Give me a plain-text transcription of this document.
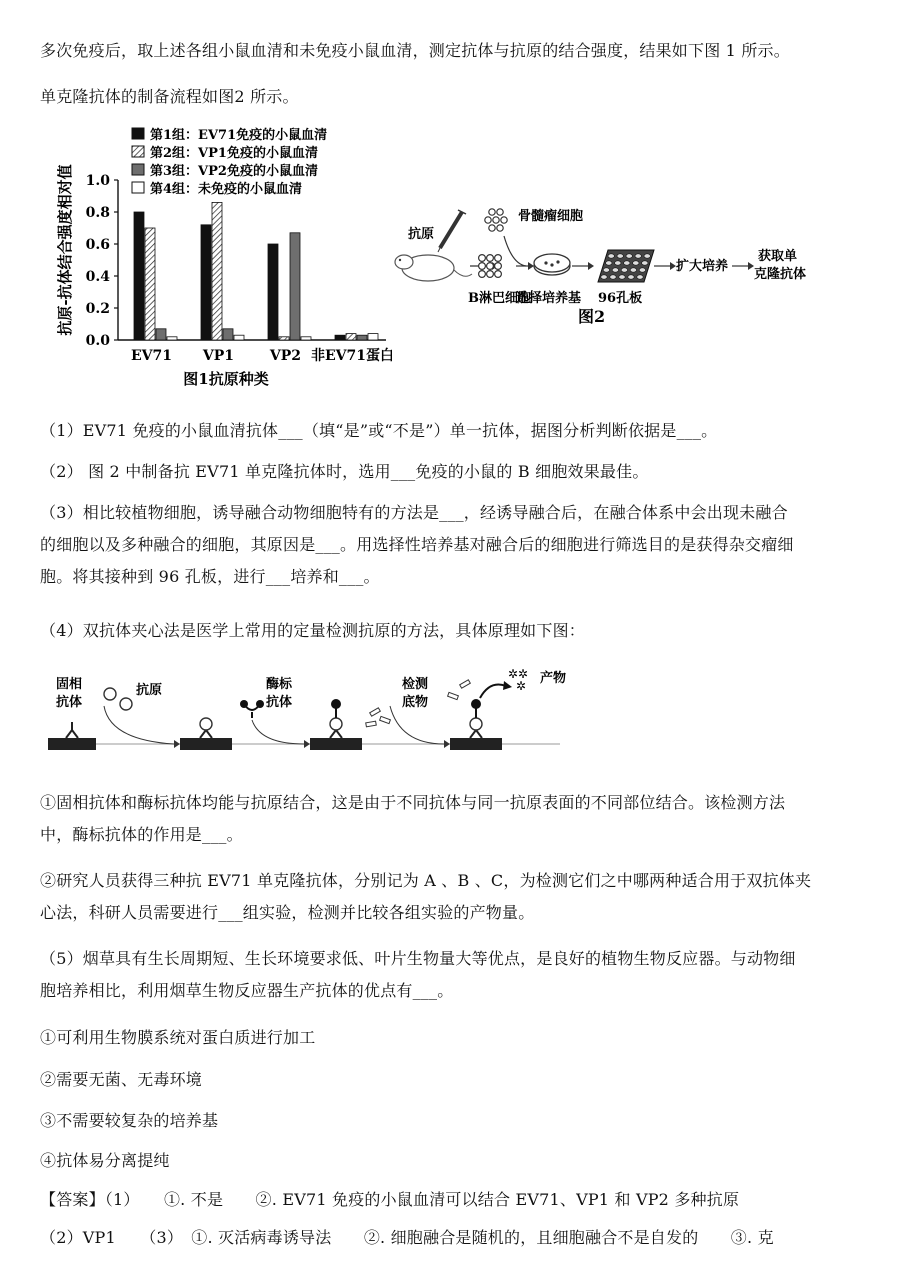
多次免疫后，取上述各组小鼠血清和未免疫小鼠血清，测定抗体与抗原的结合强度，结果如下图 1 所示。
单克隆抗体的制备流程如图2 所示。
第1组：EV71免疫的小鼠血清
第2组：VP1免疫的小鼠血清
第3组：VP2免疫的小鼠血清
第4组：未免疫的小鼠血清
0.0
0.2
0.4
0.6
0.8
1.0
EV71 VP1	VP2 非EV71蛋白
抗原-抗体结合强度相对值
图1抗原种类
抗原
B淋巴细胞
骨髓瘤细胞
选择培养基 96孔板
扩大培养
获取单
克隆抗体
图2
（1）EV71 免疫的小鼠血清抗体___（填“是”或“不是”）单一抗体，据图分析判断依据是___。
（2） 图 2 中制备抗 EV71 单克隆抗体时，选用___免疫的小鼠的 B 细胞效果最佳。
（3）相比较植物细胞，诱导融合动物细胞特有的方法是___，经诱导融合后，在融合体系中会出现未融合
的细胞以及多种融合的细胞，其原因是___。用选择性培养基对融合后的细胞进行筛选目的是获得杂交瘤细
胞。将其接种到 96 孔板，进行___培养和___。
（4）双抗体夹心法是医学上常用的定量检测抗原的方法，具体原理如下图：
固相
抗体
抗原	酶标
抗体
检测
底物
✲✲
✲ 产物
①固相抗体和酶标抗体均能与抗原结合，这是由于不同抗体与同一抗原表面的不同部位结合。该检测方法
中，酶标抗体的作用是___。
②研究人员获得三种抗 EV71 单克隆抗体，分别记为 A 、B 、C，为检测它们之中哪两种适合用于双抗体夹
心法，科研人员需要进行___组实验，检测并比较各组实验的产物量。
（5）烟草具有生长周期短、生长环境要求低、叶片生物量大等优点，是良好的植物生物反应器。与动物细
胞培养相比，利用烟草生物反应器生产抗体的优点有___。
①可利用生物膜系统对蛋白质进行加工
②需要无菌、无毒环境
③不需要较复杂的培养基
④抗体易分离提纯
【答案】（1）　　①. 不是　　②. EV71 免疫的小鼠血清可以结合 EV71、VP1 和 VP2 多种抗原
（2）VP1　　（3）　①. 灭活病毒诱导法　　②. 细胞融合是随机的，且细胞融合不是自发的　　③. 克
